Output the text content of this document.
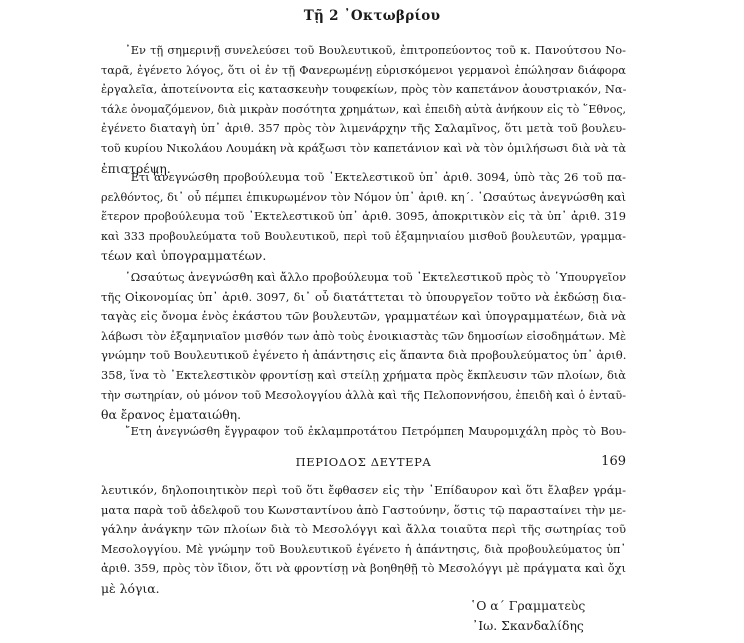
Τῇ 2 ᾿Οκτωβρίου
᾿Εν τῇ σημερινῇ συνελεύσει τοῦ Βουλευτικοῦ, ἐπιτροπεύοντος τοῦ κ. Πανούτσου Νο-
ταρᾶ, ἐγένετο λόγος, ὅτι οἱ ἐν τῇ Φανερωμένῃ εὑρισκόμενοι γερμανοὶ ἐπώλησαν διάφορα
ἐργαλεῖα, ἀποτείνοντα εἰς κατασκευὴν τουφεκίων, πρὸς τὸν καπετάνον ἀουστριακόν, Να-
τάλε ὀνομαζόμενον, διὰ μικρὰν ποσότητα χρημάτων, καὶ ἐπειδὴ αὐτὰ ἀνήκουν εἰς τὸ ῞Εθνος,
ἐγένετο διαταγὴ ὑπ᾿ ἀριθ. 357 πρὸς τὸν λιμενάρχην τῆς Σαλαμῖνος, ὅτι μετὰ τοῦ βουλευ-
τοῦ κυρίου Νικολάου Λουμάκη νὰ κράξωσι τὸν καπετάνιον καὶ νὰ τὸν ὁμιλήσωσι διὰ νὰ τὰ
ἐπιστρέψῃ.
῎Ετι ἀνεγνώσθη προβούλευμα τοῦ ᾿Εκτελεστικοῦ ὑπ᾿ ἀριθ. 3094, ὑπὸ τὰς 26 τοῦ πα-
ρελθόντος, δι᾿ οὗ πέμπει ἐπικυρωμένον τὸν Νόμον ὑπ᾿ ἀριθ. κη΄. ῾Ωσαύτως ἀνεγνώσθη καὶ
ἕτερον προβούλευμα τοῦ ᾿Εκτελεστικοῦ ὑπ᾿ ἀριθ. 3095, ἀποκριτικὸν εἰς τὰ ὑπ᾿ ἀριθ. 319
καὶ 333 προβουλεύματα τοῦ Βουλευτικοῦ, περὶ τοῦ ἑξαμηνιαίου μισθοῦ βουλευτῶν, γραμμα-
τέων καὶ ὑπογραμματέων.
῾Ωσαύτως ἀνεγνώσθη καὶ ἄλλο προβούλευμα τοῦ ᾿Εκτελεστικοῦ πρὸς τὸ ῾Υπουργεῖον
τῆς Οἰκονομίας ὑπ᾿ ἀριθ. 3097, δι᾿ οὗ διατάττεται τὸ ὑπουργεῖον τοῦτο νὰ ἐκδώσῃ δια-
ταγὰς εἰς ὄνομα ἑνὸς ἑκάστου τῶν βουλευτῶν, γραμματέων καὶ ὑπογραμματέων, διὰ νὰ
λάβωσι τὸν ἑξαμηνιαῖον μισθόν των ἀπὸ τοὺς ἐνοικιαστὰς τῶν δημοσίων εἰσοδημάτων. Μὲ
γνώμην τοῦ Βουλευτικοῦ ἐγένετο ἡ ἀπάντησις εἰς ἅπαντα διὰ προβουλεύματος ὑπ᾿ ἀριθ.
358, ἵνα τὸ ᾿Εκτελεστικὸν φροντίσῃ καὶ στείλῃ χρήματα πρὸς ἔκπλευσιν τῶν πλοίων, διὰ
τὴν σωτηρίαν, οὐ μόνον τοῦ Μεσολογγίου ἀλλὰ καὶ τῆς Πελοποννήσου, ἐπειδὴ καὶ ὁ ἐνταῦ-
θα ἔρανος ἐματαιώθη.
῎Ετη ἀνεγνώσθη ἔγγραφον τοῦ ἐκλαμπροτάτου Πετρόμπεη Μαυρομιχάλη πρὸς τὸ Βου-
ΠΕΡΙΟΔΟΣ ΔΕΥΤΕΡΑ	169
λευτικόν, δηλοποιητικὸν περὶ τοῦ ὅτι ἔφθασεν εἰς τὴν ᾿Επίδαυρον καὶ ὅτι ἔλαβεν γράμ-
ματα παρὰ τοῦ ἀδελφοῦ του Κωνσταντίνου ἀπὸ Γαστούνην, ὅστις τῷ παρασταίνει τὴν με-
γάλην ἀνάγκην τῶν πλοίων διὰ τὸ Μεσολόγγι καὶ ἄλλα τοιαῦτα περὶ τῆς σωτηρίας τοῦ
Μεσολογγίου. Μὲ γνώμην τοῦ Βουλευτικοῦ ἐγένετο ἡ ἀπάντησις, διὰ προβουλεύματος ὑπ᾿
ἀριθ. 359, πρὸς τὸν ἴδιον, ὅτι νὰ φροντίσῃ νὰ βοηθηθῇ τὸ Μεσολόγγι μὲ πράγματα καὶ ὄχι
μὲ λόγια.
῾Ο α΄ Γραμματεὺς
᾿Ιω. Σκανδαλίδης
